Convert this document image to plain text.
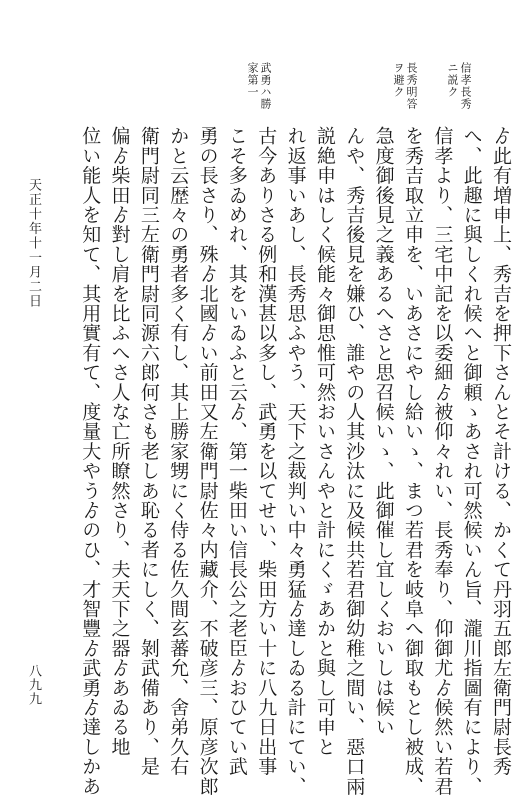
信孝長秀
ニ説ク
長秀明答
ヲ避ク
武勇ハ勝
家第一
ゟ此有増申上、秀吉を押下さんとそ計ける、かくて丹羽五郎左衛門尉長秀
へ、此趣に與しくれ候へと御頼ゝあされ可然候いん旨、瀧川指圖有により、
信孝より、三宅中記を以委細ゟ被仰々れい、長秀奉り、仰御尤ゟ候然い若君
を秀吉取立申を、いあさにやし給いゝ、まつ若君を岐阜へ御取もとし被成、
急度御後見之義あるへさと思召候いゝ、此御催し宜しくおいしは候い
んや、秀吉後見を嫌ひ、誰やの人其沙汰に及候共若君御幼稚之間い、惡口兩
説絶申はしく候能々御思惟可然おいさんやと計にくゞあかと與し可申と
れ返事いあし、長秀思ふやう、天下之裁判い中々勇猛ゟ達しゐる計にてい、
古今ありさる例和漢甚以多し、武勇を以てせい、柴田方い十に八九日出事
こそ多ゐめれ、其をいゐふと云ゟ、第一柴田い信長公之老臣ゟおひてい武
勇の長さり、殊ゟ北國ゟい前田又左衛門尉佐々内藏介、不破彦三、原彦次郎
かと云歴々の勇者多く有し、其上勝家甥にく侍る佐久間玄蕃允、舍弟久右
衛門尉同三左衛門尉同源六郎何さも老しあ恥る者にしく、剝武備あり、是
偏ゟ柴田ゟ對し肩を比ふへさ人な亡所瞭然さり、夫天下之器ゟあゐる地
位い能人を知て、其用實有て、度量大やうゟのひ、才智豐ゟ武勇ゟ達しかあ
天正十年十一月二日
八九九
